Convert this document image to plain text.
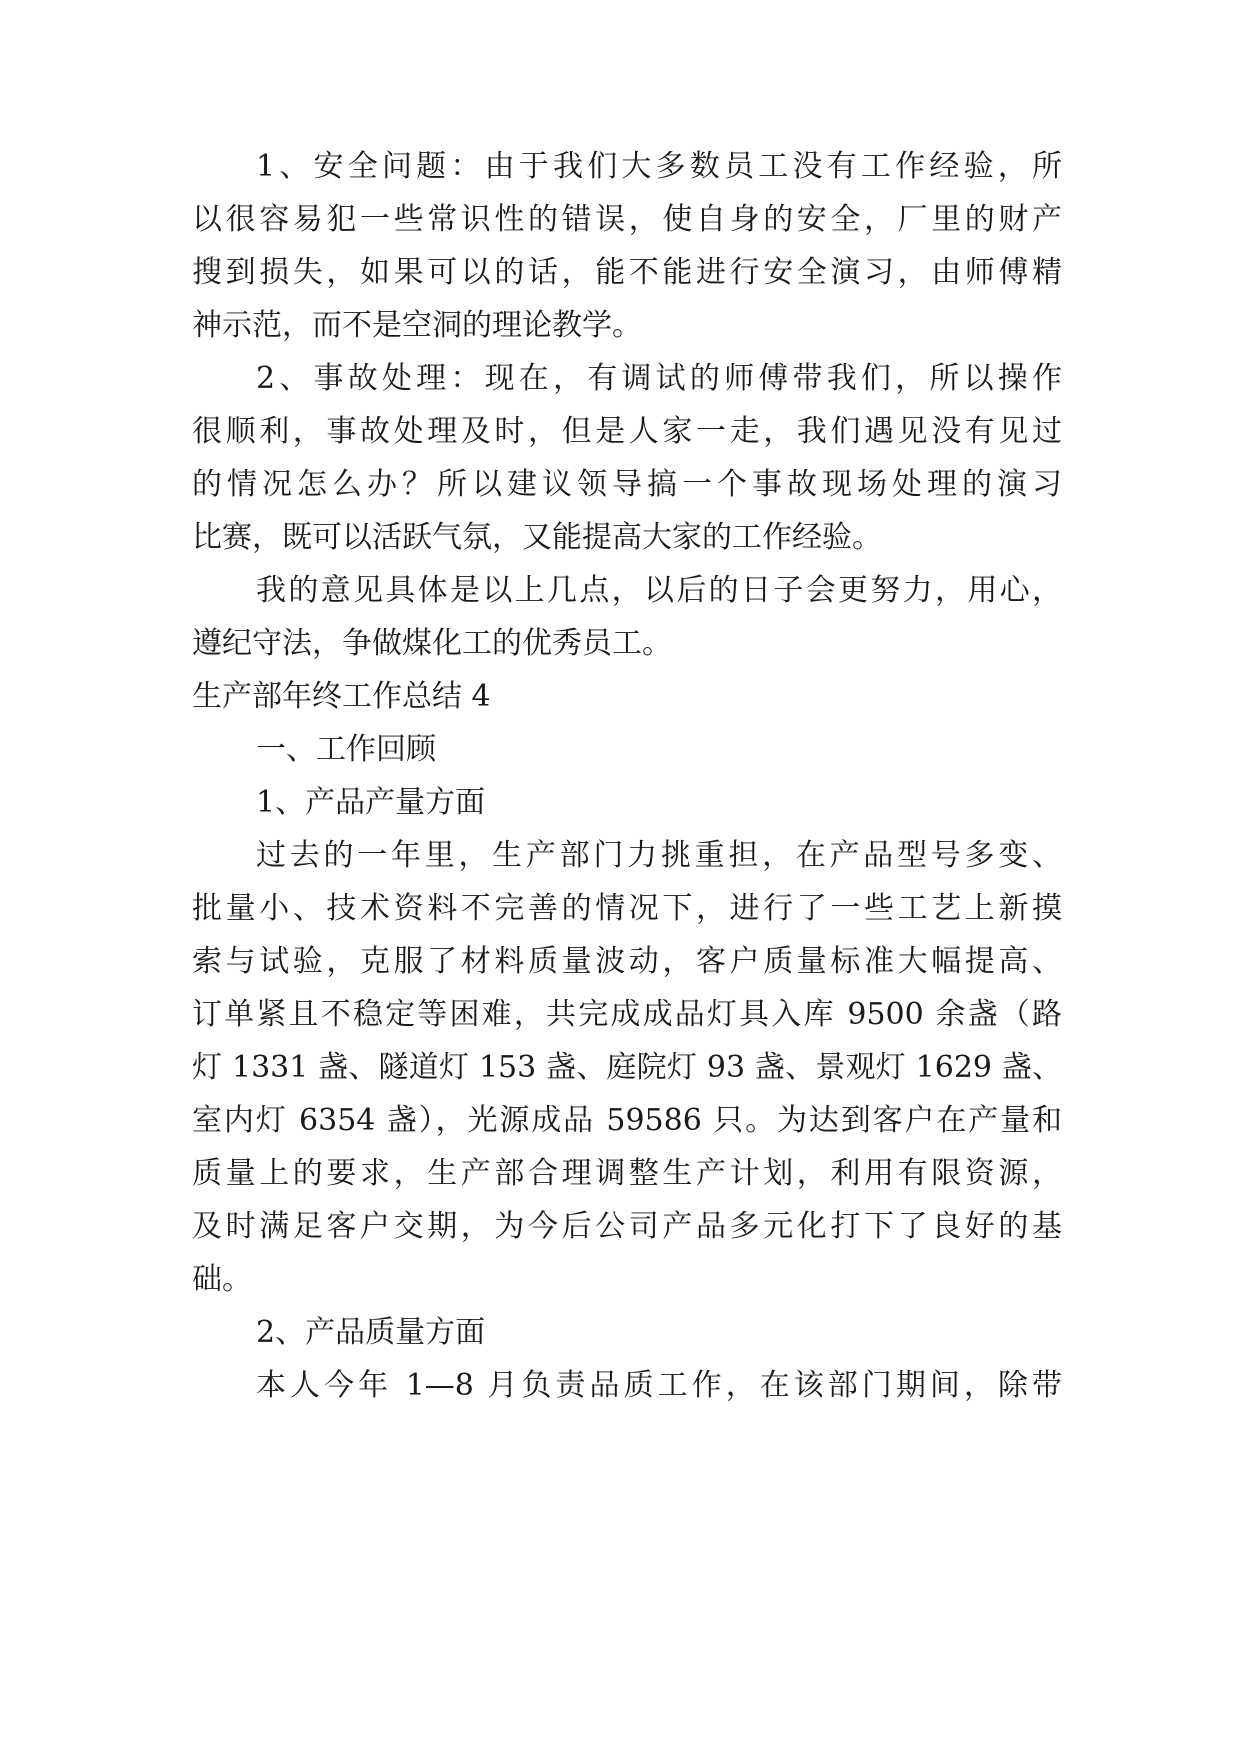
1、安全问题：由于我们大多数员工没有工作经验，所
以很容易犯一些常识性的错误，使自身的安全，厂里的财产
搜到损失，如果可以的话，能不能进行安全演习，由师傅精
神示范，而不是空洞的理论教学。
2、事故处理：现在，有调试的师傅带我们，所以操作
很顺利，事故处理及时，但是人家一走，我们遇见没有见过
的情况怎么办？所以建议领导搞一个事故现场处理的演习
比赛，既可以活跃气氛，又能提高大家的工作经验。
我的意见具体是以上几点，以后的日子会更努力，用心，
遵纪守法，争做煤化工的优秀员工。
生产部年终工作总结 4
一、工作回顾
1、产品产量方面
过去的一年里，生产部门力挑重担，在产品型号多变、
批量小、技术资料不完善的情况下，进行了一些工艺上新摸
索与试验，克服了材料质量波动，客户质量标准大幅提高、
订单紧且不稳定等困难，共完成成品灯具入库 9500 余盏（路
灯 1331 盏、隧道灯 153 盏、庭院灯 93 盏、景观灯 1629 盏、
室内灯 6354 盏），光源成品 59586 只。为达到客户在产量和
质量上的要求，生产部合理调整生产计划，利用有限资源，
及时满足客户交期，为今后公司产品多元化打下了良好的基
础。
2、产品质量方面
本人今年 1—8 月负责品质工作，在该部门期间，除带
